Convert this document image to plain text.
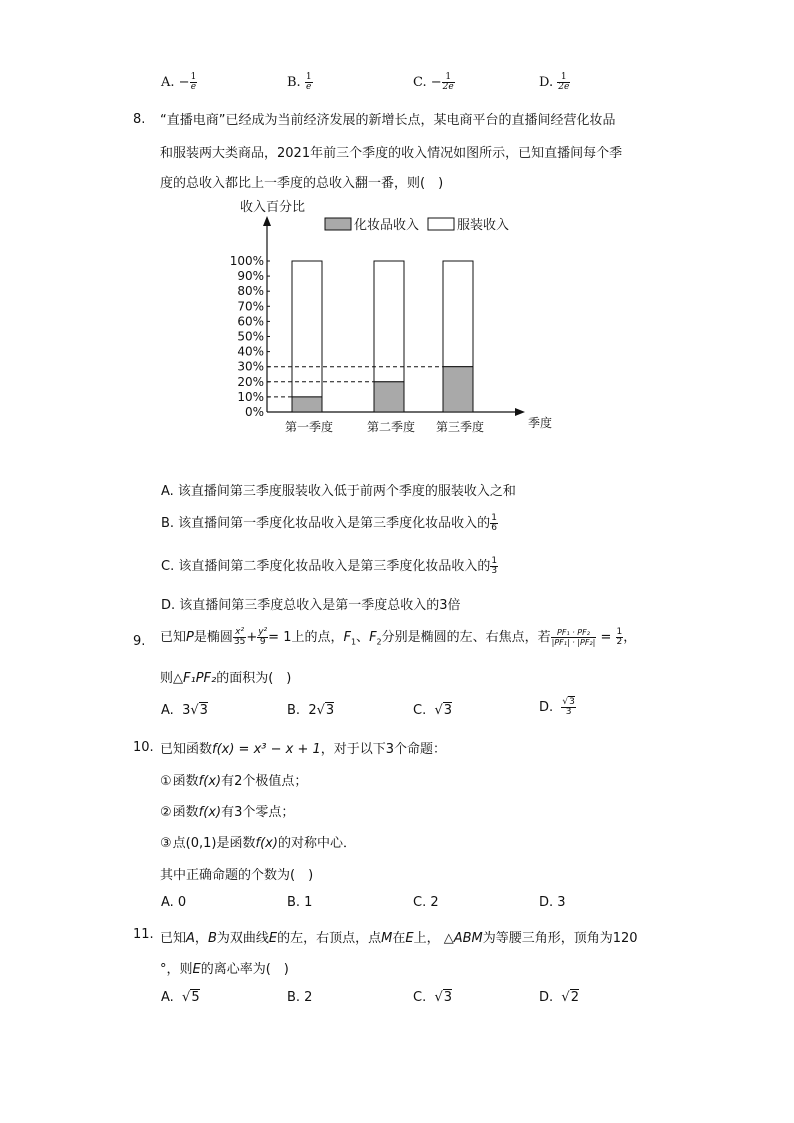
A. − $\frac{1}{e}$	B. $\frac{1}{e}$	C. − $\frac{1}{2e}$	D. $\frac{1}{2e}$
8. “直播电商”已经成为当前经济发展的新增长点，某电商平台的直播间经营化妆品
和服装两大类商品，2021年前三个季度的收入情况如图所示，已知直播间每个季
度的总收入都比上一季度的总收入翻一番，则(　)
收入百分比
化妆品收入	服装收入
0%
10%
20%
30%
40%
50%
60%
70%
80%
90%
100%
第一季度	第二季度 第三季度	季度
A. 该直播间第三季度服装收入低于前两个季度的服装收入之和
B. 该直播间第一季度化妆品收入是第三季度化妆品收入的 $\frac{1}{6}$
C. 该直播间第二季度化妆品收入是第三季度化妆品收入的 $\frac{1}{3}$
D. 该直播间第三季度总收入是第一季度总收入的3倍
9. 已知P是椭圆 $\frac{\text{x²}}{35} + \frac{\text{y²}}{9} = 1$上的点，$F_1$、$F_2$分别是椭圆的左、右焦点，若 $\frac{\text{PF₁ · PF₂}}{\text{|PF₁| · |PF₂|}} = \frac{1}{2}$ ，
则△F₁PF₂的面积为(　)
A. 3√3	B. 2√3	C.  √3	D. $\frac{√3}{3}$
10. 已知函数f(x) = x³ − x + 1，对于以下3个命题：
①函数f(x)有2个极值点；
②函数f(x)有3个零点；
③点(0,1)是函数f(x)的对称中心．
其中正确命题的个数为(　)
A. 0	B. 1	C. 2	D. 3
11. 已知A，B为双曲线E的左，右顶点，点M在E上， △ABM为等腰三角形，顶角为120
°，则E的离心率为(　)
A.  √5	B. 2	C.  √3	D.  √2
